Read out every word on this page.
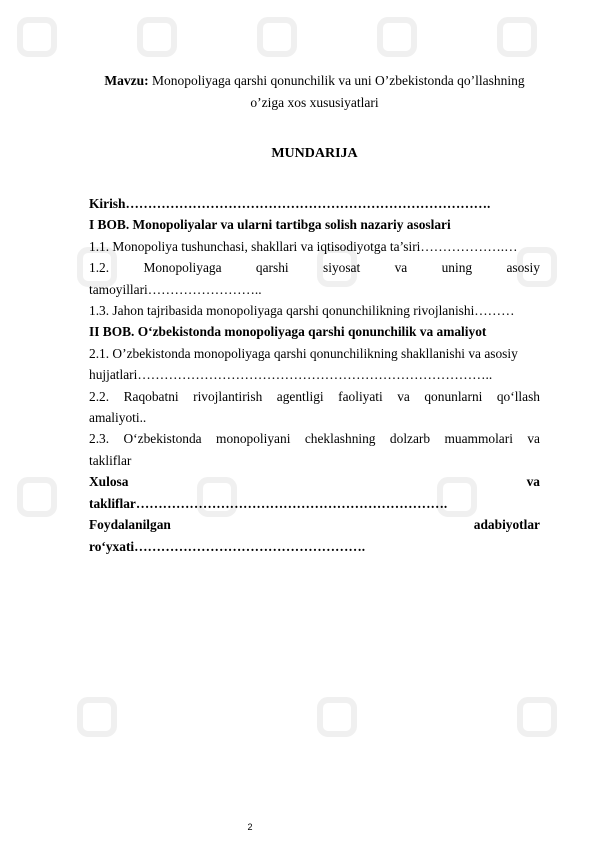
Mavzu: Monopoliyaga qarshi qonunchilik va uni O’zbekistonda qo’llashning
o’ziga xos xususiyatlari
MUNDARIJA
Kirish……………………………………………………………………….
I BOB. Monopoliyalar va ularni tartibga solish nazariy asoslari
1.1. Monopoliya tushunchasi, shakllari va iqtisodiyotga ta’siri……………….…
1.2.	Monopoliyaga	qarshi	siyosat	va	uning	asosiy
tamoyillari……………………..
1.3. Jahon tajribasida monopoliyaga qarshi qonunchilikning rivojlanishi………
II BOB. O‘zbekistonda monopoliyaga qarshi qonunchilik va amaliyot
2.1. O’zbekistonda monopoliyaga qarshi qonunchilikning shakllanishi va asosiy
hujjatlari……………………………………………………………………..
2.2. Raqobatni rivojlantirish agentligi faoliyati va qonunlarni qo‘llash
amaliyoti..
2.3. O‘zbekistonda monopoliyani cheklashning dolzarb muammolari va
takliflar
Xulosa	va
takliflar…………………………………………………………….
Foydalanilgan	adabiyotlar
ro‘yxati…………………………………………….
2
